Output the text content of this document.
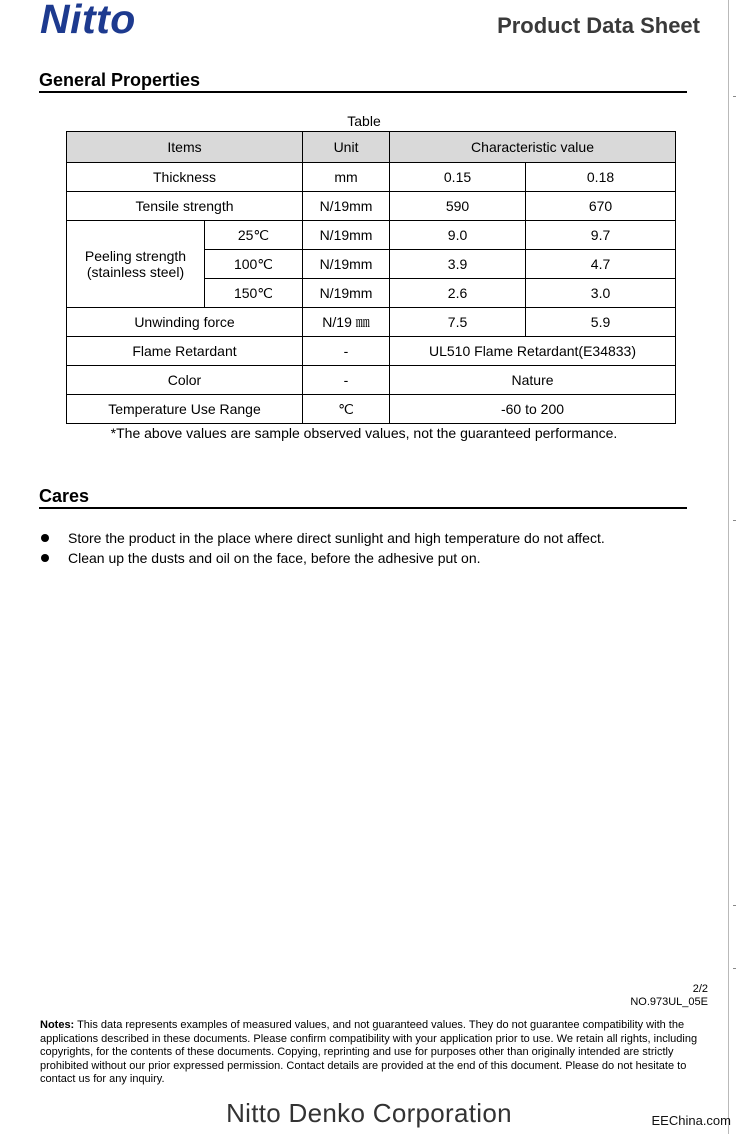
Nitto	Product Data Sheet
General Properties
Table
Items		Unit	Characteristic value	
Thickness		mm	0.15	0.18
Tensile strength		N/19mm	590	670

Peeling strength
(stainless steel)	25℃	N/19mm	9.0	9.7
	100℃	N/19mm	3.9	4.7
	150℃	N/19mm	2.6	3.0
Unwinding force		N/19 ㎜	7.5	5.9
Flame Retardant		-	UL510 Flame Retardant(E34833)	
Color		-	Nature	
Temperature Use Range		℃	-60 to 200	
*The above values are sample observed values, not the guaranteed performance.
Cares
Store the product in the place where direct sunlight and high temperature do not affect.
Clean up the dusts and oil on the face, before the adhesive put on.
2/2
NO.973UL_05E
Notes: This data represents examples of measured values, and not guaranteed values. They do not guarantee compatibility with the applications described in these documents. Please confirm compatibility with your application prior to use. We retain all rights, including copyrights, for the contents of these documents. Copying, reprinting and use for purposes other than originally intended are strictly prohibited without our prior expressed permission. Contact details are provided at the end of this document. Please do not hesitate to contact us for any inquiry.
Nitto Denko Corporation	EEChina.com
